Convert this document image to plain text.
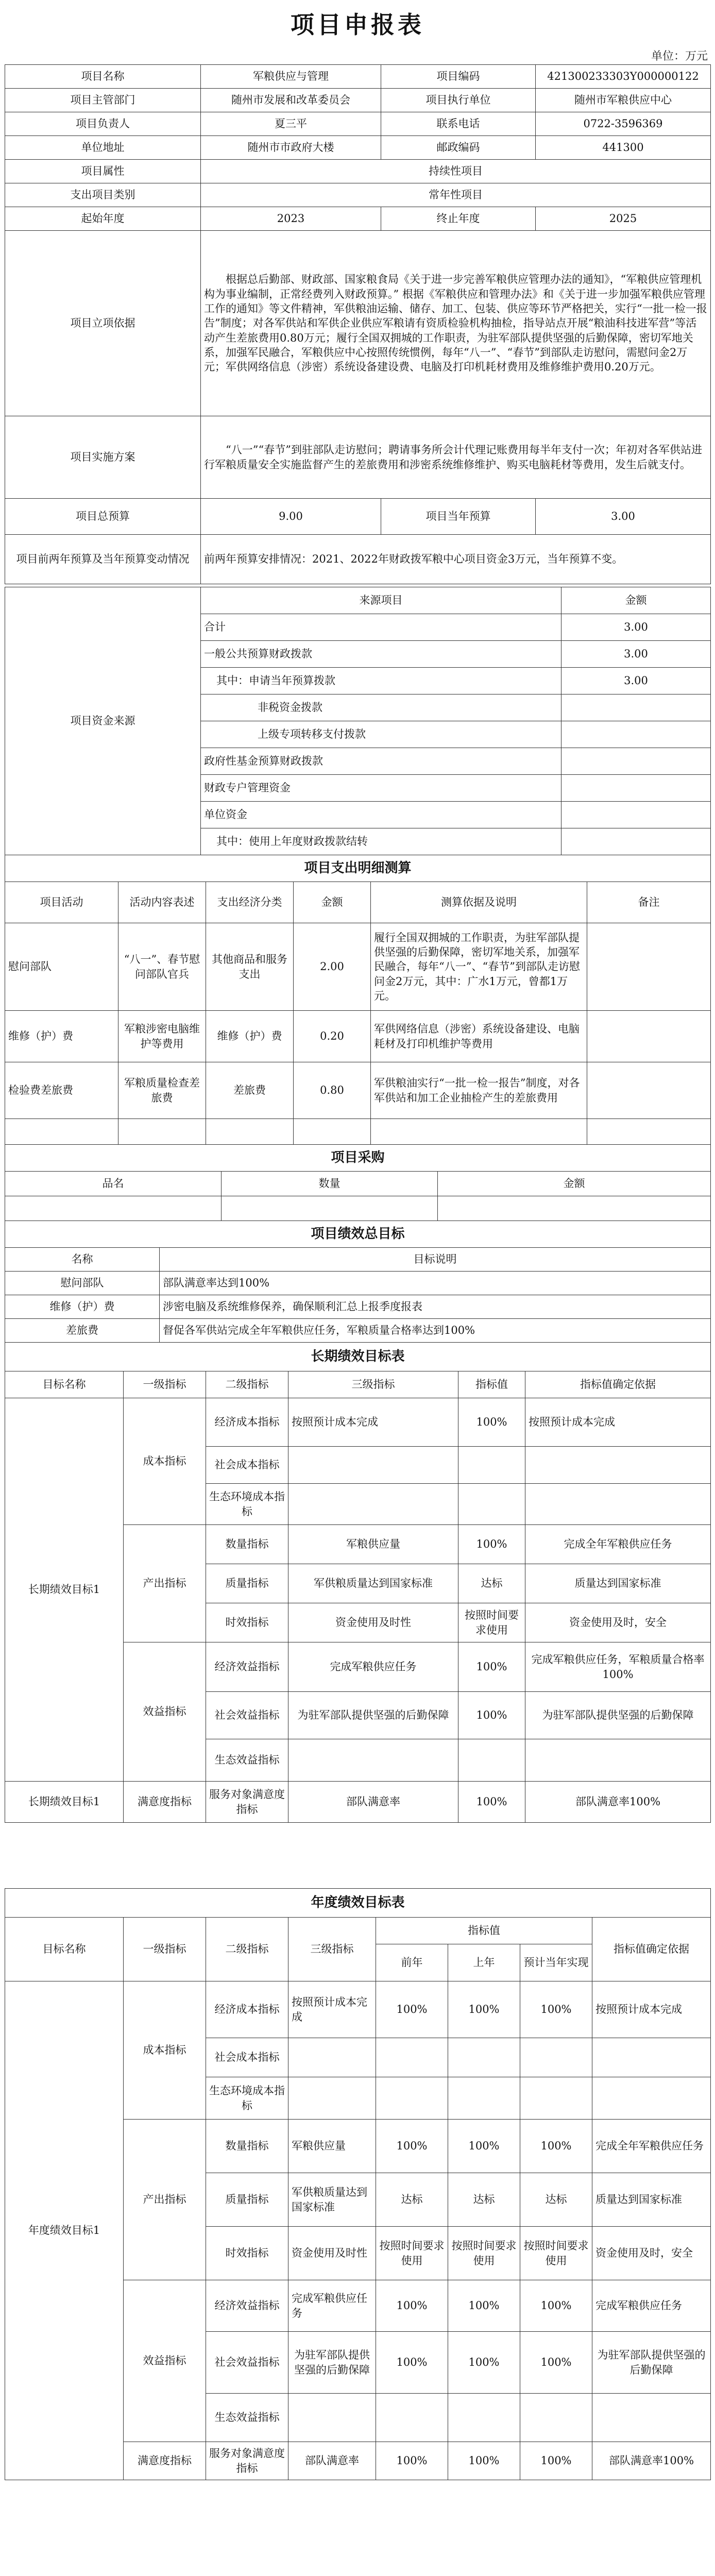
项目申报表
单位：万元
项目名称	军粮供应与管理	项目编码	421300233303Y000000122
项目主管部门	随州市发展和改革委员会	项目执行单位	随州市军粮供应中心
项目负责人	夏三平	联系电话	0722-3596369
单位地址	随州市市政府大楼	邮政编码	441300
项目属性	持续性项目		
支出项目类别	常年性项目		
起始年度	2023	终止年度	2025
项目立项依据	根据总后勤部、财政部、国家粮食局《关于进一步完善军粮供应管理办法的通知》，“军粮供应管理机构为事业编制，正常经费列入财政预算。” 根据《军粮供应和管理办法》和《关于进一步加强军粮供应管理工作的通知》等文件精神，军供粮油运输、储存、加工、包装、供应等环节严格把关，实行“一批一检一报告”制度；对各军供站和军供企业供应军粮请有资质检验机构抽检，指导站点开展“粮油科技进军营”等活动产生差旅费用0.80万元；履行全国双拥城的工作职责，为驻军部队提供坚强的后勤保障，密切军地关系，加强军民融合，军粮供应中心按照传统惯例，每年“八一”、“春节”到部队走访慰问，需慰问金2万元；军供网络信息（涉密）系统设备建设费、电脑及打印机耗材费用及维修维护费用0.20万元。		
项目实施方案	“八一”“春节”到驻部队走访慰问；聘请事务所会计代理记账费用每半年支付一次；年初对各军供站进行军粮质量安全实施监督产生的差旅费用和涉密系统维修维护、购买电脑耗材等费用，发生后就支付。		
项目总预算	9.00	项目当年预算	3.00
项目前两年预算及当年预算变动情况	前两年预算安排情况：2021、2022年财政拨军粮中心项目资金3万元，当年预算不变。		
项目资金来源	来源项目	金额
	合计	3.00
	一般公共预算财政拨款	3.00
	其中：申请当年预算拨款	3.00
	非税资金拨款	
	上级专项转移支付拨款	
	政府性基金预算财政拨款	
	财政专户管理资金	
	单位资金	
	其中：使用上年度财政拨款结转	
项目支出明细测算					
项目活动	活动内容表述	支出经济分类	金额	测算依据及说明	备注
慰问部队	“八一”、春节慰问部队官兵	其他商品和服务支出	2.00	履行全国双拥城的工作职责，为驻军部队提供坚强的后勤保障，密切军地关系，加强军民融合，每年“八一”、“春节”到部队走访慰问金2万元，其中：广水1万元，曾都1万元。	
维修（护）费	军粮涉密电脑维护等费用	维修（护）费	0.20	军供网络信息（涉密）系统设备建设、电脑耗材及打印机维护等费用	
检验费差旅费	军粮质量检查差旅费	差旅费	0.80	军供粮油实行“一批一检一报告”制度，对各军供站和加工企业抽检产生的差旅费用	

项目采购		
品名	数量	金额

项目绩效总目标	
名称	目标说明
慰问部队	部队满意率达到100%
维修（护）费	涉密电脑及系统维修保养，确保顺利汇总上报季度报表
差旅费	督促各军供站完成全年军粮供应任务，军粮质量合格率达到100%
长期绩效目标表					
目标名称	一级指标	二级指标	三级指标	指标值	指标值确定依据
长期绩效目标1	成本指标	经济成本指标	按照预计成本完成	100%	按照预计成本完成
		社会成本指标			
		生态环境成本指标			
	产出指标	数量指标	军粮供应量	100%	完成全年军粮供应任务
		质量指标	军供粮质量达到国家标准	达标	质量达到国家标准
		时效指标	资金使用及时性	按照时间要求使用	资金使用及时，安全
	效益指标	经济效益指标	完成军粮供应任务	100%	完成军粮供应任务，军粮质量合格率100%
		社会效益指标	为驻军部队提供坚强的后勤保障	100%	为驻军部队提供坚强的后勤保障
		生态效益指标			
长期绩效目标1	满意度指标	服务对象满意度指标	部队满意率	100%	部队满意率100%
年度绩效目标表							
目标名称	一级指标	二级指标	三级指标	指标值			指标值确定依据
				前年	上年	预计当年实现	
年度绩效目标1	成本指标	经济成本指标	按照预计成本完成	100%	100%	100%	按照预计成本完成
		社会成本指标					
		生态环境成本指标					
	产出指标	数量指标	军粮供应量	100%	100%	100%	完成全年军粮供应任务
		质量指标	军供粮质量达到国家标准	达标	达标	达标	质量达到国家标准
		时效指标	资金使用及时性	按照时间要求使用	按照时间要求使用	按照时间要求使用	资金使用及时，安全
	效益指标	经济效益指标	完成军粮供应任务	100%	100%	100%	完成军粮供应任务
		社会效益指标	为驻军部队提供坚强的后勤保障	100%	100%	100%	为驻军部队提供坚强的后勤保障
		生态效益指标					
	满意度指标	服务对象满意度指标	部队满意率	100%	100%	100%	部队满意率100%
